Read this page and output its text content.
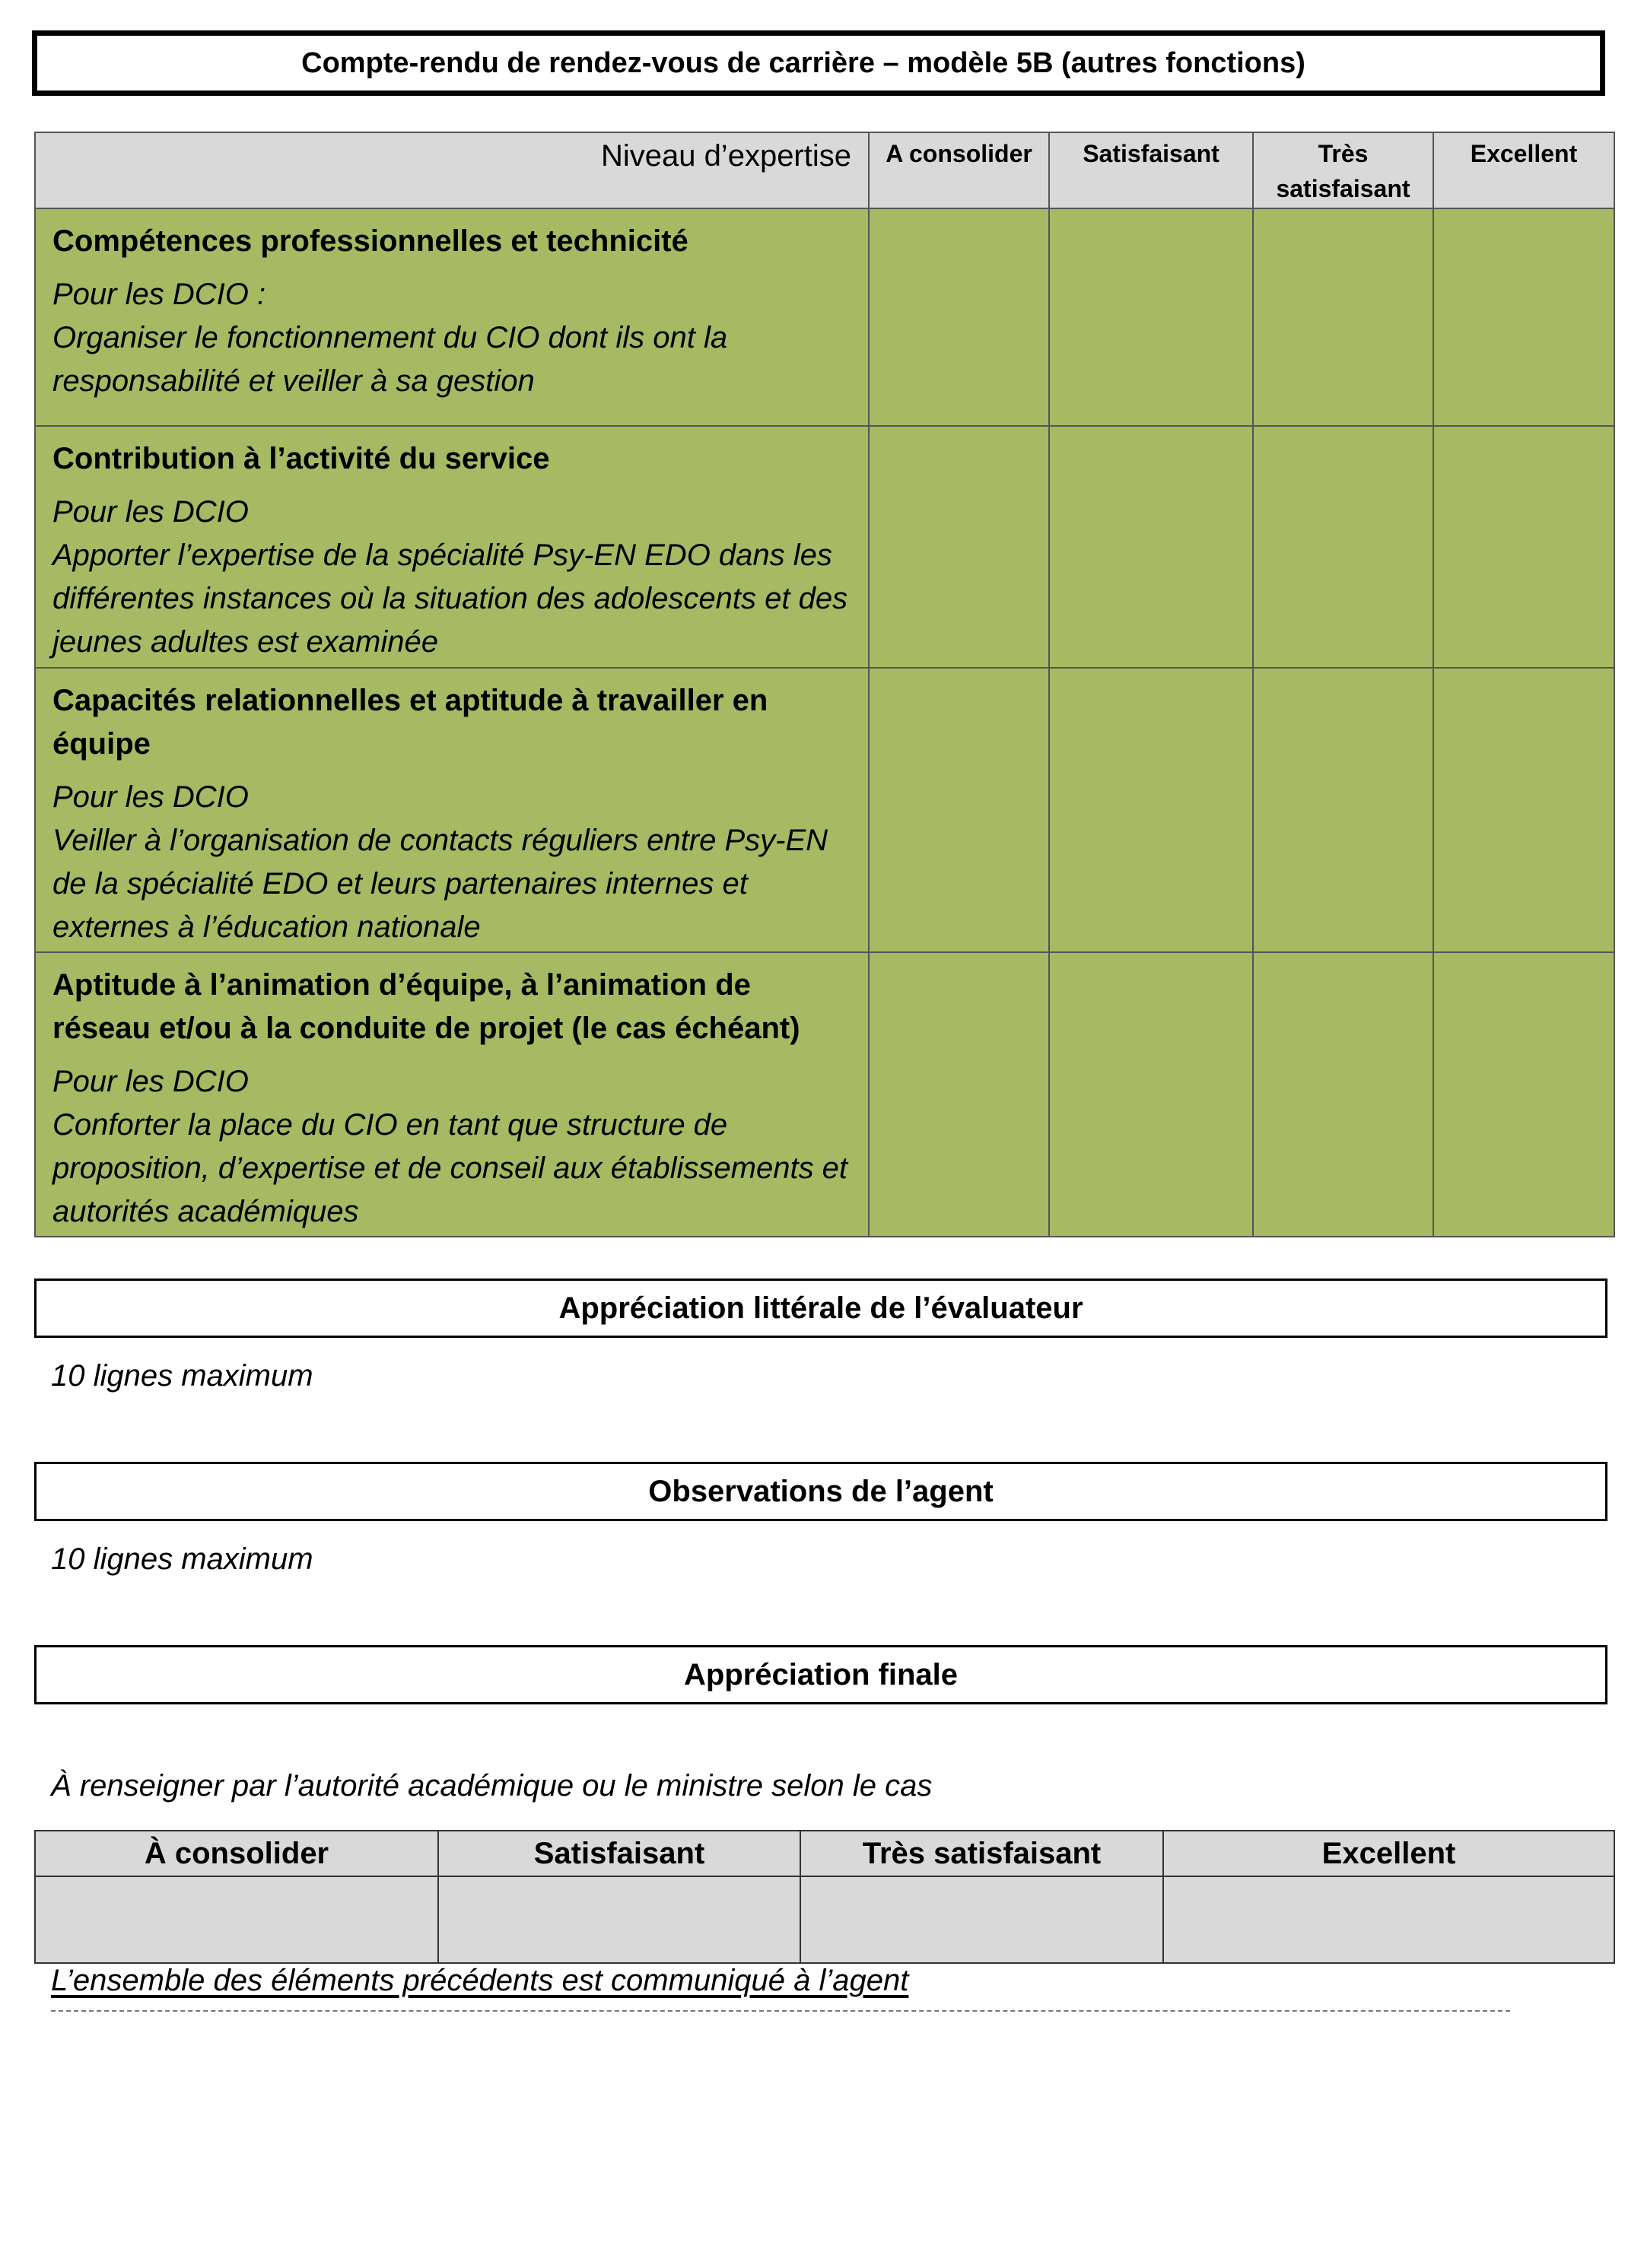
Compte-rendu de rendez-vous de carrière – modèle 5B (autres fonctions)
Niveau d’expertise	A consolider	Satisfaisant	Très satisfaisant	Excellent

Compétences professionnelles et technicité
Pour les DCIO :
Organiser le fonctionnement du CIO dont ils ont la responsabilité et veiller à sa gestion				

Contribution à l’activité du service
Pour les DCIO
Apporter l’expertise de la spécialité Psy-EN EDO dans les différentes instances où la situation des adolescents et des jeunes adultes est examinée				

Capacités relationnelles et aptitude à travailler en équipe
Pour les DCIO
Veiller à l’organisation de contacts réguliers entre Psy-EN de la spécialité EDO et leurs partenaires internes et externes à l’éducation nationale				

Aptitude à l’animation d’équipe, à l’animation de réseau et/ou à la conduite de projet (le cas échéant)
Pour les DCIO
Conforter la place du CIO en tant que structure de proposition, d’expertise et de conseil aux établissements et autorités académiques				

Appréciation littérale de l’évaluateur
10 lignes maximum
Observations de l’agent
10 lignes maximum
Appréciation finale
À renseigner par l’autorité académique ou le ministre selon le cas
À consolider	Satisfaisant	Très satisfaisant	Excellent

L’ensemble des éléments précédents est communiqué à l’agent
